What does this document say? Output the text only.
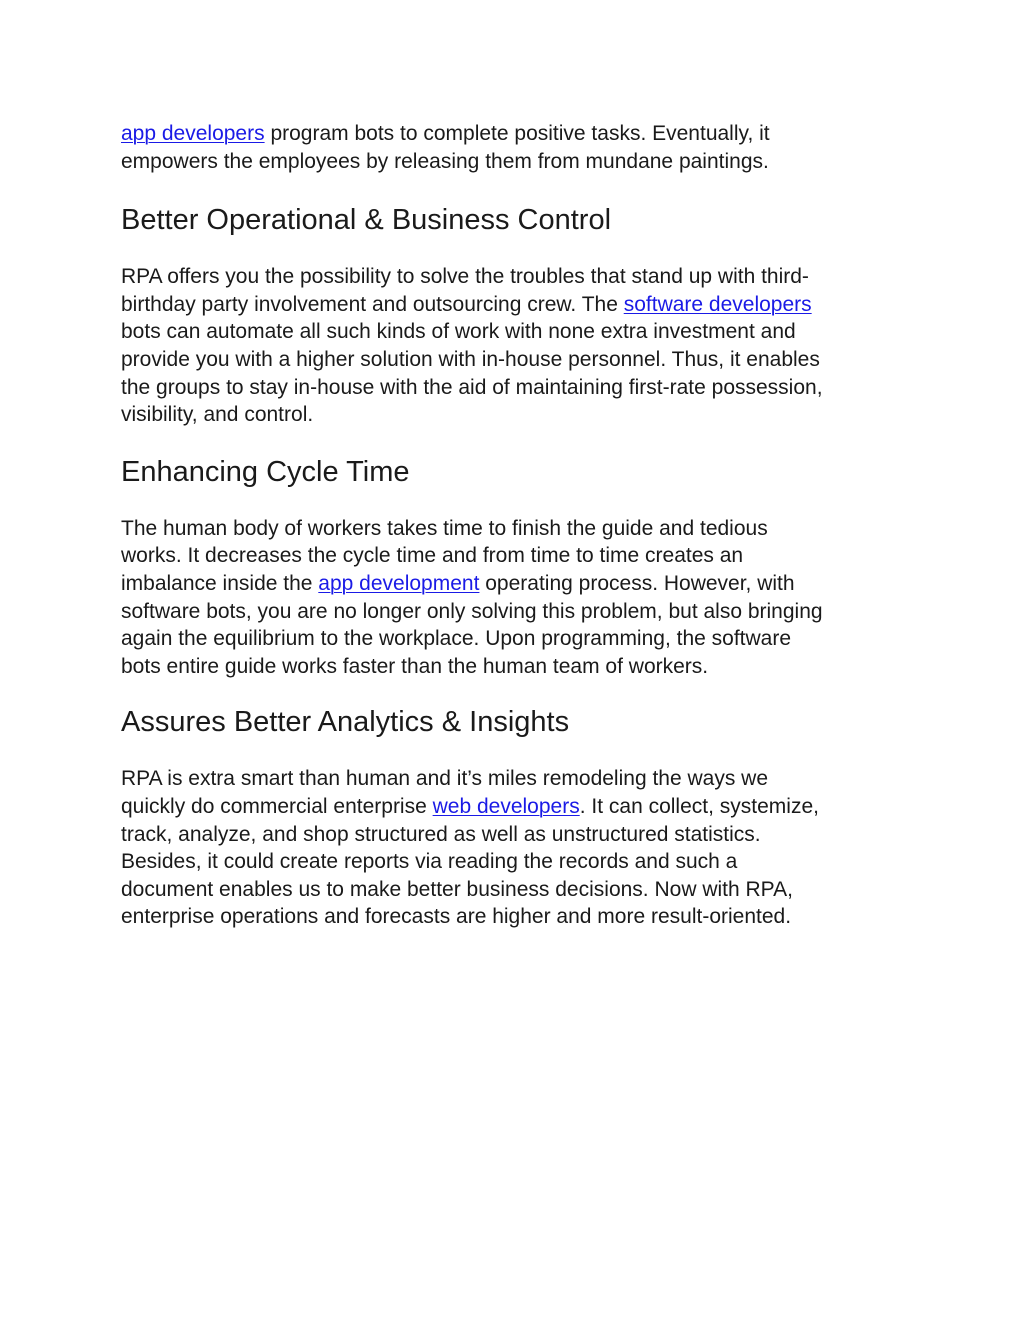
app developers program bots to complete positive tasks. Eventually, it
empowers the employees by releasing them from mundane paintings.

Better Operational & Business Control

RPA offers you the possibility to solve the troubles that stand up with third-
birthday party involvement and outsourcing crew. The software developers
bots can automate all such kinds of work with none extra investment and
provide you with a higher solution with in-house personnel. Thus, it enables
the groups to stay in-house with the aid of maintaining first-rate possession,
visibility, and control.

Enhancing Cycle Time

The human body of workers takes time to finish the guide and tedious
works. It decreases the cycle time and from time to time creates an
imbalance inside the app development operating process. However, with
software bots, you are no longer only solving this problem, but also bringing
again the equilibrium to the workplace. Upon programming, the software
bots entire guide works faster than the human team of workers.

Assures Better Analytics & Insights

RPA is extra smart than human and it’s miles remodeling the ways we
quickly do commercial enterprise web developers. It can collect, systemize,
track, analyze, and shop structured as well as unstructured statistics.
Besides, it could create reports via reading the records and such a
document enables us to make better business decisions. Now with RPA,
enterprise operations and forecasts are higher and more result-oriented.
